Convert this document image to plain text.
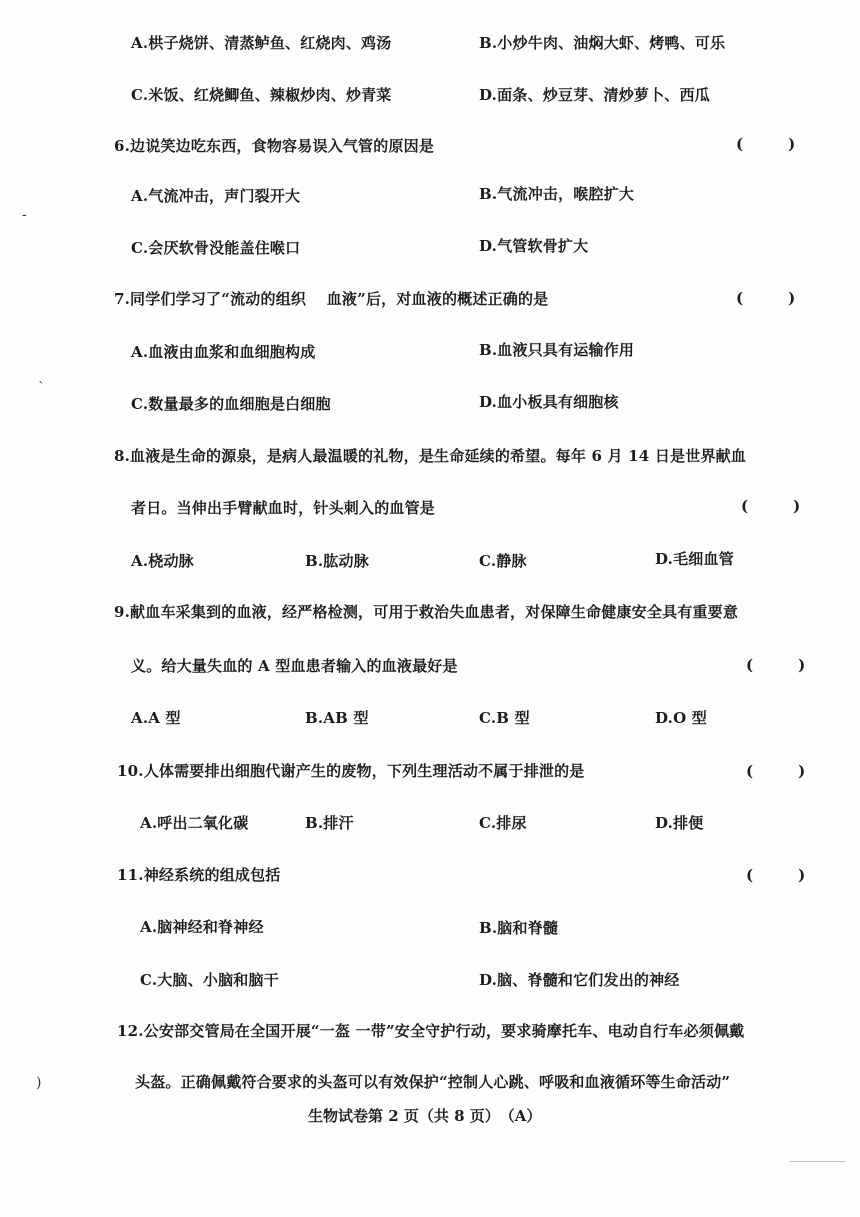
A.栱子烧饼、清蒸鲈鱼、红烧肉、鸡汤	B.小炒牛肉、油焖大虾、烤鸭、可乐
C.米饭、红烧鲫鱼、辣椒炒肉、炒青菜	D.面条、炒豆芽、清炒萝卜、西瓜
6.边说笑边吃东西，食物容易误入气管的原因是
A.气流冲击，声门裂开大	B.气流冲击，喉腔扩大
C.会厌软骨没能盖住喉口	D.气管软骨扩大
7.同学们学习了“流动的组织 　血液”后，对血液的概述正确的是
A.血液由血浆和血细胞构成	B.血液只具有运输作用
C.数量最多的血细胞是白细胞	D.血小板具有细胞核
8.血液是生命的源泉，是病人最温暖的礼物，是生命延续的希望。每年 6 月 14 日是世界献血
者日。当伸出手臂献血时，针头刺入的血管是
A.桡动脉	B.肱动脉	C.静脉	D.毛细血管
9.献血车采集到的血液，经严格检测，可用于救治失血患者，对保障生命健康安全具有重要意
义。给大量失血的 A 型血患者输入的血液最好是
A.A 型	B.AB 型	C.B 型	D.O 型
10.人体需要排出细胞代谢产生的废物，下列生理活动不属于排泄的是
A.呼出二氧化碳	B.排汗	C.排尿	D.排便
11.神经系统的组成包括
A.脑神经和脊神经	B.脑和脊髓
C.大脑、小脑和脑干	D.脑、脊髓和它们发出的神经
12.公安部交管局在全国开展“一盔 一带”安全守护行动，要求骑摩托车、电动自行车必须佩戴
头盔。正确佩戴符合要求的头盔可以有效保护“控制人心跳、呼吸和血液循环等生命活动”
(　　　)
(　　　)
(　　　)
(　　　)
(　　　)
(　　　)
-
`
)
生物试卷第 2 页（共 8 页）　（A）
